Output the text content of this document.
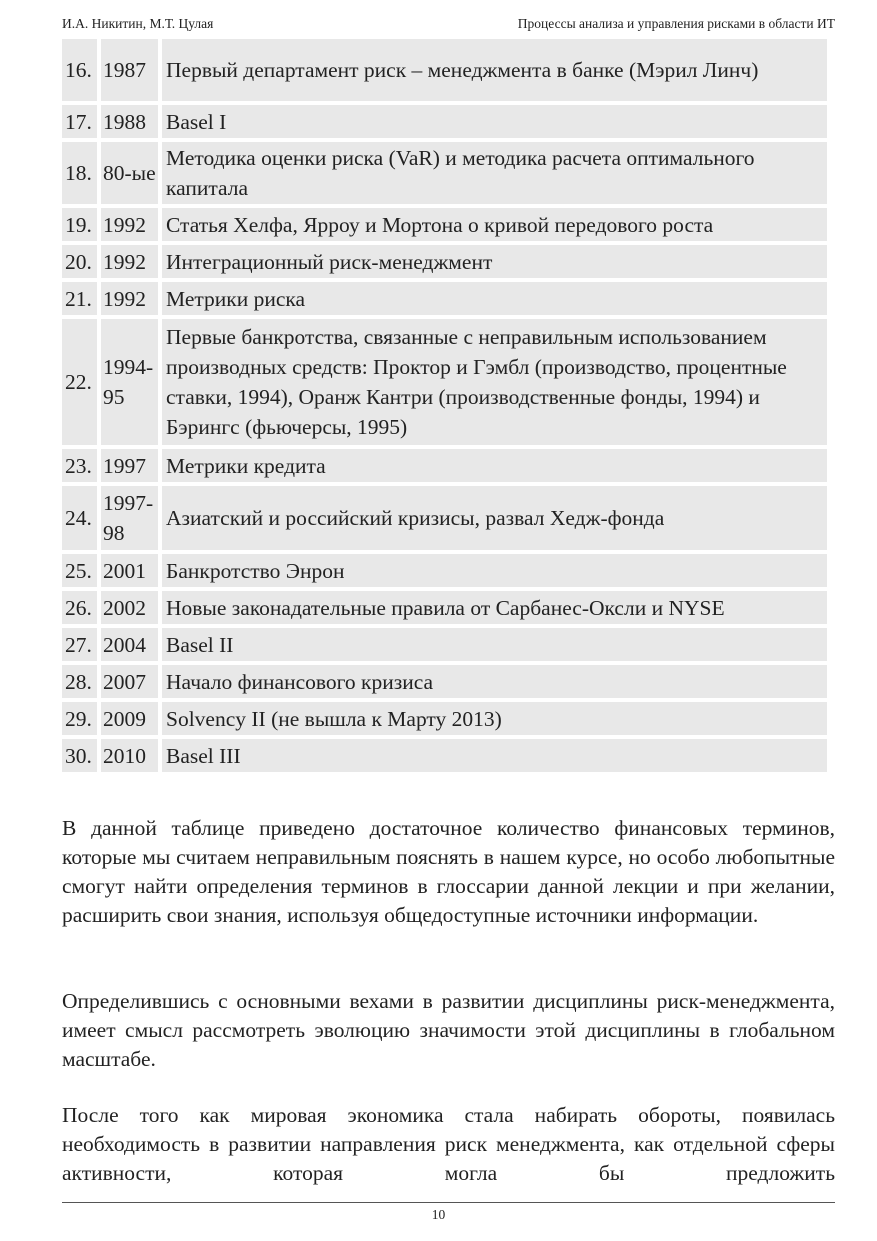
И.А. Никитин, М.Т. Цулая	Процессы анализа и управления рисками в области ИТ
16.	1987	Первый департамент риск – менеджмента в банке (Мэрил Линч)
17.	1988	Basel I
18.	80-ые	Методика оценки риска (VaR) и методика расчета оптимального капитала
19.	1992	Статья Хелфа, Ярроу и Мортона о кривой передового роста
20.	1992	Интеграционный риск-менеджмент
21.	1992	Метрики риска
22.	1994-95	Первые банкротства, связанные с неправильным использованием производных средств: Проктор и Гэмбл (производство, процентные ставки, 1994), Оранж Кантри (производственные фонды, 1994) и Бэрингс (фьючерсы, 1995)
23.	1997	Метрики кредита
24.	1997-98	Азиатский и российский кризисы, развал Хедж-фонда
25.	2001	Банкротство Энрон
26.	2002	Новые законадательные правила от Сарбанес-Оксли и NYSE
27.	2004	Basel II
28.	2007	Начало финансового кризиса
29.	2009	Solvency II (не вышла к Марту 2013)
30.	2010	Basel III

В данной таблице приведено достаточное количество финансовых терминов, которые мы считаем неправильным пояснять в нашем курсе, но особо любопытные смогут найти определения терминов в глоссарии данной лекции и при желании, расширить свои знания, используя общедоступные источники информации.

Определившись с основными вехами в развитии дисциплины риск-менеджмента, имеет смысл рассмотреть эволюцию значимости этой дисциплины в глобальном масштабе.

После того как мировая экономика стала набирать обороты, появилась необходимость в развитии направления риск менеджмента, как отдельной сферы активности, которая могла бы предложить

10
